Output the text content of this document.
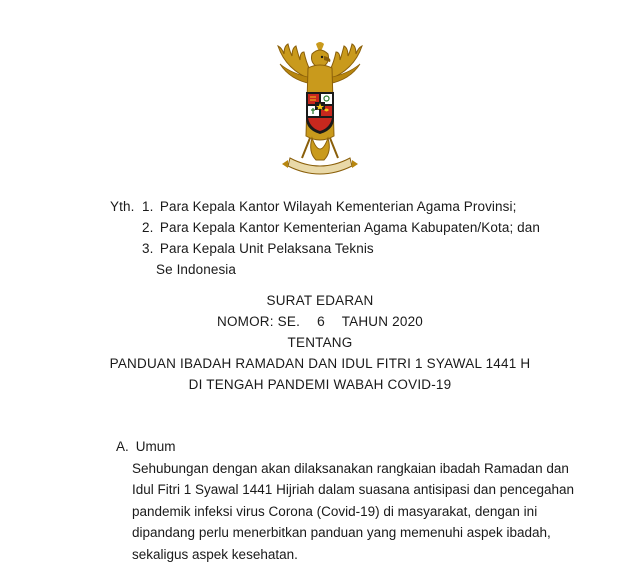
Yth. 1. Para Kepala Kantor Wilayah Kementerian Agama Provinsi;
2. Para Kepala Kantor Kementerian Agama Kabupaten/Kota; dan
3. Para Kepala Unit Pelaksana Teknis
Se Indonesia
SURAT EDARAN
NOMOR: SE. 6 TAHUN 2020
TENTANG
PANDUAN IBADAH RAMADAN DAN IDUL FITRI 1 SYAWAL 1441 H
DI TENGAH PANDEMI WABAH COVID-19
A. Umum
Sehubungan dengan akan dilaksanakan rangkaian ibadah Ramadan dan
Idul Fitri 1 Syawal 1441 Hijriah dalam suasana antisipasi dan pencegahan
pandemik infeksi virus Corona (Covid-19) di masyarakat, dengan ini
dipandang perlu menerbitkan panduan yang memenuhi aspek ibadah,
sekaligus aspek kesehatan.
